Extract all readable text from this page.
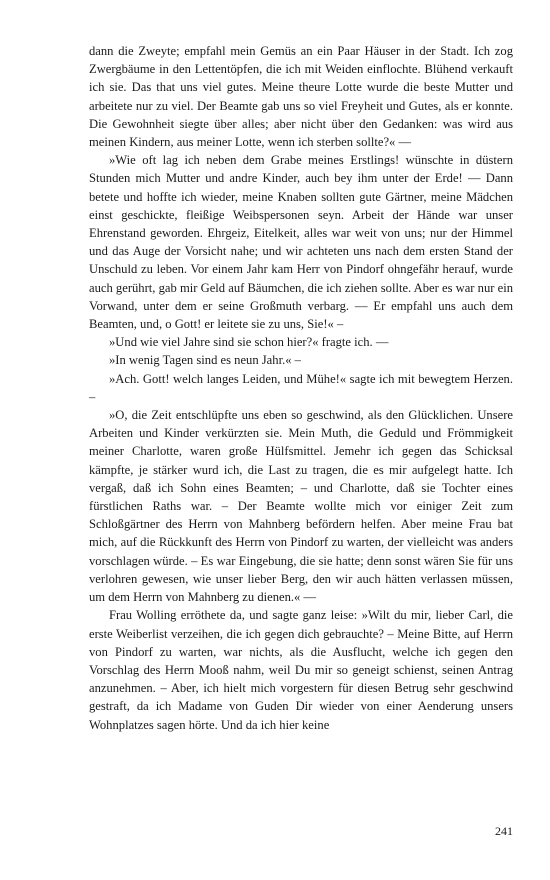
dann die Zweyte; empfahl mein Gemüs an ein Paar Häuser in der Stadt. Ich zog Zwergbäume in den Lettentöpfen, die ich mit Weiden einflochte. Blühend verkauft ich sie. Das that uns viel gutes. Meine theure Lotte wurde die beste Mutter und arbeitete nur zu viel. Der Beamte gab uns so viel Freyheit und Gutes, als er konnte. Die Gewohnheit siegte über alles; aber nicht über den Gedanken: was wird aus meinen Kindern, aus meiner Lotte, wenn ich sterben sollte?« ––

»Wie oft lag ich neben dem Grabe meines Erstlings! wünschte in düstern Stunden mich Mutter und andre Kinder, auch bey ihm unter der Erde! –– Dann betete und hoffte ich wieder, meine Knaben sollten gute Gärtner, meine Mädchen einst geschickte, fleißige Weibspersonen seyn. Arbeit der Hände war unser Ehrenstand geworden. Ehrgeiz, Eitelkeit, alles war weit von uns; nur der Himmel und das Auge der Vorsicht nahe; und wir achteten uns nach dem ersten Stand der Unschuld zu leben. Vor einem Jahr kam Herr von Pindorf ohngefähr herauf, wurde auch gerührt, gab mir Geld auf Bäumchen, die ich ziehen sollte. Aber es war nur ein Vorwand, unter dem er seine Großmuth verbarg. –– Er empfahl uns auch dem Beamten, und, o Gott! er leitete sie zu uns, Sie!« –

»Und wie viel Jahre sind sie schon hier?« fragte ich. ––

»In wenig Tagen sind es neun Jahr.« –

»Ach. Gott! welch langes Leiden, und Mühe!« sagte ich mit bewegtem Herzen. –

»O, die Zeit entschlüpfte uns eben so geschwind, als den Glücklichen. Unsere Arbeiten und Kinder verkürzten sie. Mein Muth, die Geduld und Frömmigkeit meiner Charlotte, waren große Hülfsmittel. Jemehr ich gegen das Schicksal kämpfte, je stärker wurd ich, die Last zu tragen, die es mir aufgelegt hatte. Ich vergaß, daß ich Sohn eines Beamten; – und Charlotte, daß sie Tochter eines fürstlichen Raths war. – Der Beamte wollte mich vor einiger Zeit zum Schloßgärtner des Herrn von Mahnberg befördern helfen. Aber meine Frau bat mich, auf die Rückkunft des Herrn von Pindorf zu warten, der vielleicht was anders vorschlagen würde. – Es war Eingebung, die sie hatte; denn sonst wären Sie für uns verlohren gewesen, wie unser lieber Berg, den wir auch hätten verlassen müssen, um dem Herrn von Mahnberg zu dienen.« ––

Frau Wolling erröthete da, und sagte ganz leise: »Wilt du mir, lieber Carl, die erste Weiberlist verzeihen, die ich gegen dich gebrauchte? – Meine Bitte, auf Herrn von Pindorf zu warten, war nichts, als die Ausflucht, welche ich gegen den Vorschlag des Herrn Mooß nahm, weil Du mir so geneigt schienst, seinen Antrag anzunehmen. – Aber, ich hielt mich vorgestern für diesen Betrug sehr geschwind gestraft, da ich Madame von Guden Dir wieder von einer Aenderung unsers Wohnplatzes sagen hörte. Und da ich hier keine

241
